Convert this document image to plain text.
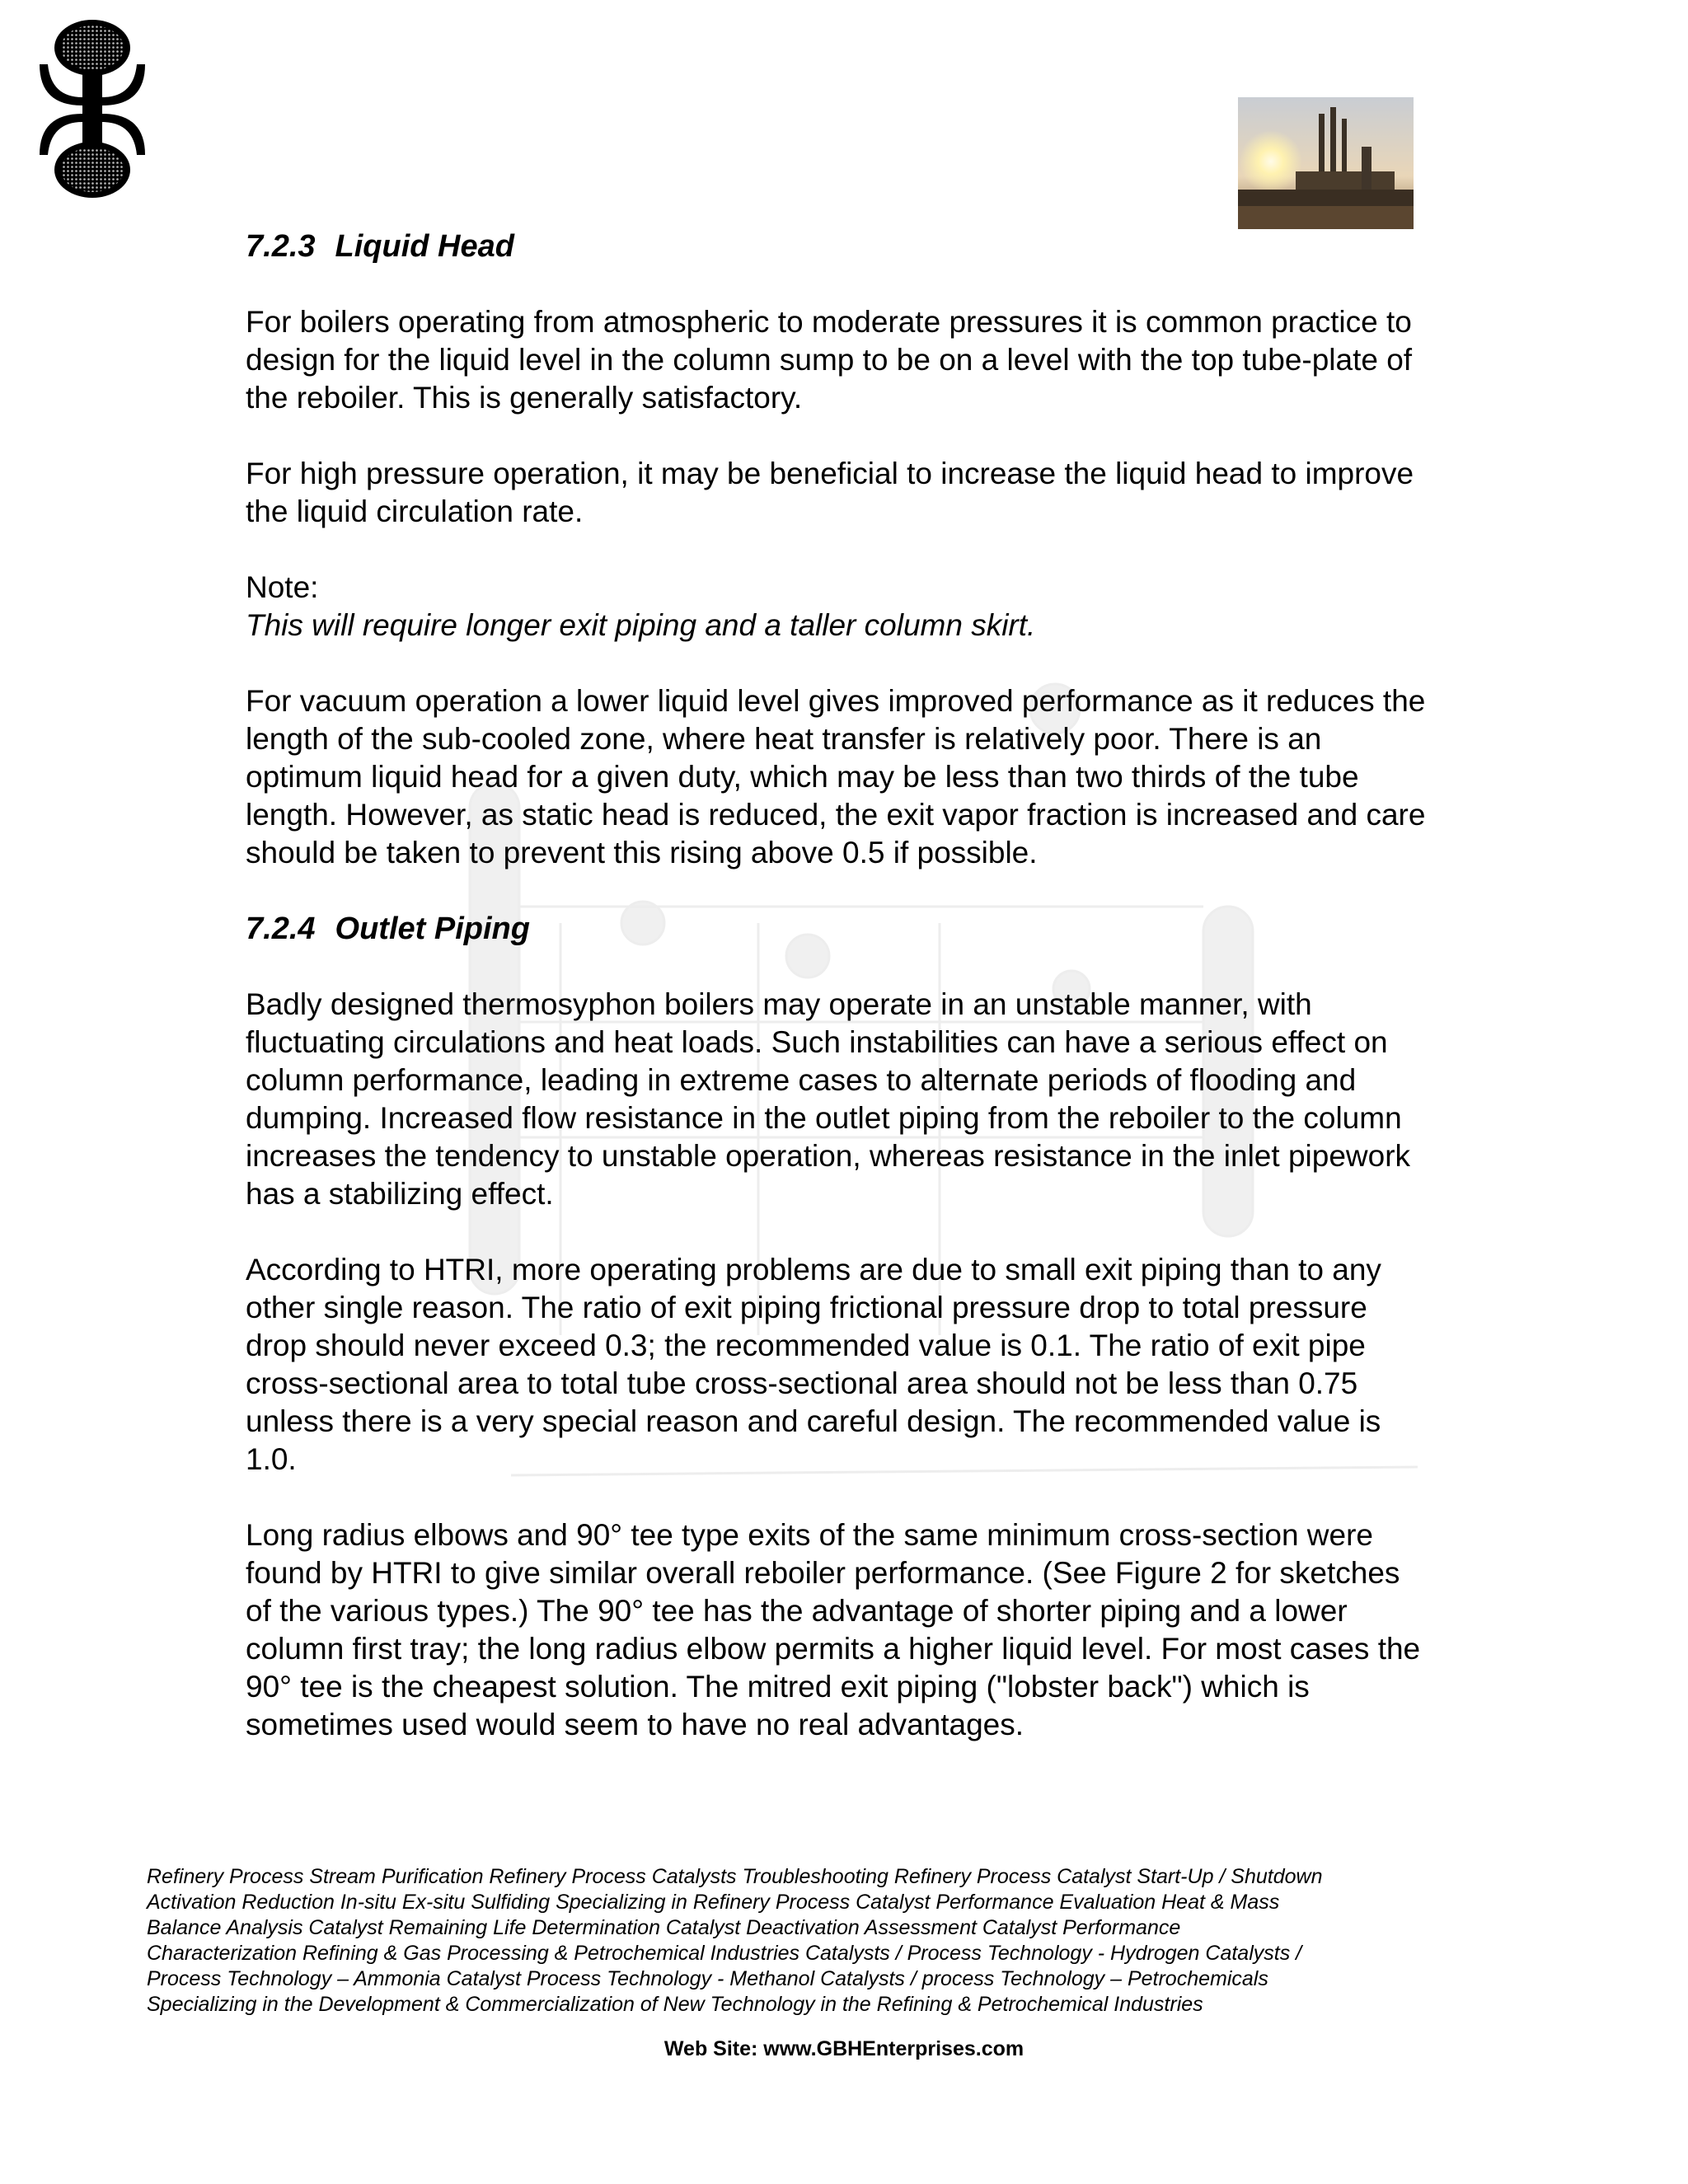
7.2.3 Liquid Head

For boilers operating from atmospheric to moderate pressures it is common practice to design for the liquid level in the column sump to be on a level with the top tube-plate of the reboiler. This is generally satisfactory.

For high pressure operation, it may be beneficial to increase the liquid head to improve the liquid circulation rate.

Note:

This will require longer exit piping and a taller column skirt.

For vacuum operation a lower liquid level gives improved performance as it reduces the length of the sub-cooled zone, where heat transfer is relatively poor. There is an optimum liquid head for a given duty, which may be less than two thirds of the tube length. However, as static head is reduced, the exit vapor fraction is increased and care should be taken to prevent this rising above 0.5 if possible.

7.2.4 Outlet Piping

Badly designed thermosyphon boilers may operate in an unstable manner, with fluctuating circulations and heat loads. Such instabilities can have a serious effect on column performance, leading in extreme cases to alternate periods of flooding and dumping. Increased flow resistance in the outlet piping from the reboiler to the column increases the tendency to unstable operation, whereas resistance in the inlet pipework has a stabilizing effect.

According to HTRI, more operating problems are due to small exit piping than to any other single reason. The ratio of exit piping frictional pressure drop to total pressure drop should never exceed 0.3; the recommended value is 0.1. The ratio of exit pipe cross-sectional area to total tube cross-sectional area should not be less than 0.75 unless there is a very special reason and careful design. The recommended value is 1.0.

Long radius elbows and 90° tee type exits of the same minimum cross-section were found by HTRI to give similar overall reboiler performance. (See Figure 2 for sketches of the various types.) The 90° tee has the advantage of shorter piping and a lower column first tray; the long radius elbow permits a higher liquid level. For most cases the 90° tee is the cheapest solution. The mitred exit piping ("lobster back") which is sometimes used would seem to have no real advantages.

Refinery Process Stream Purification Refinery Process Catalysts Troubleshooting Refinery Process Catalyst Start-Up / Shutdown
Activation Reduction In-situ Ex-situ Sulfiding Specializing in Refinery Process Catalyst Performance Evaluation Heat & Mass
Balance Analysis Catalyst Remaining Life Determination Catalyst Deactivation Assessment Catalyst Performance
Characterization Refining & Gas Processing & Petrochemical Industries Catalysts / Process Technology - Hydrogen Catalysts /
Process Technology – Ammonia Catalyst Process Technology - Methanol Catalysts / process Technology – Petrochemicals
Specializing in the Development & Commercialization of New Technology in the Refining & Petrochemical Industries
Web Site: www.GBHEnterprises.com
